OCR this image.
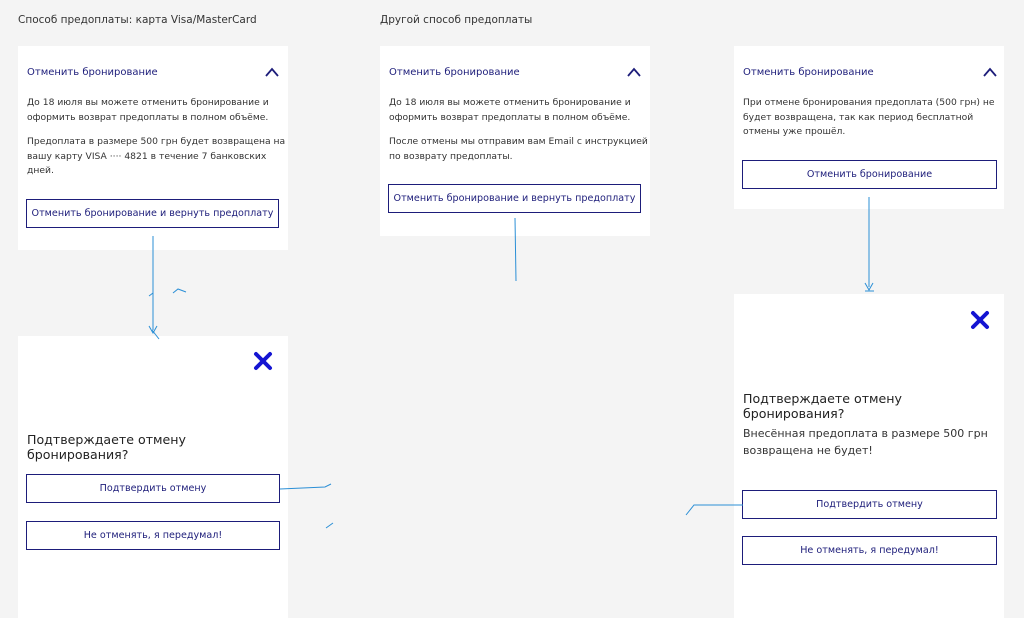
Способ предоплаты: карта Visa/MasterCard	Другой способ предоплаты
Отменить бронирование
До 18 июля вы можете отменить бронирование и
оформить возврат предоплаты в полном объёме.
Предоплата в размере 500 грн будет возвращена на
вашу карту VISA ···· 4821 в течение 7 банковских
дней.
Отменить бронирование и вернуть предоплату
Отменить бронирование
До 18 июля вы можете отменить бронирование и
оформить возврат предоплаты в полном объёме.
После отмены мы отправим вам Email с инструкцией
по возврату предоплаты.
Отменить бронирование и вернуть предоплату
Отменить бронирование
При отмене бронирования предоплата (500 грн) не
будет возвращена, так как период бесплатной
отмены уже прошёл.
Отменить бронирование
Подтверждаете отмену бронирования?
Подтвердить отмену
Не отменять, я передумал!
Подтверждаете отмену бронирования?
Внесённая предоплата в размере 500 грн
возвращена не будет!
Подтвердить отмену
Не отменять, я передумал!
